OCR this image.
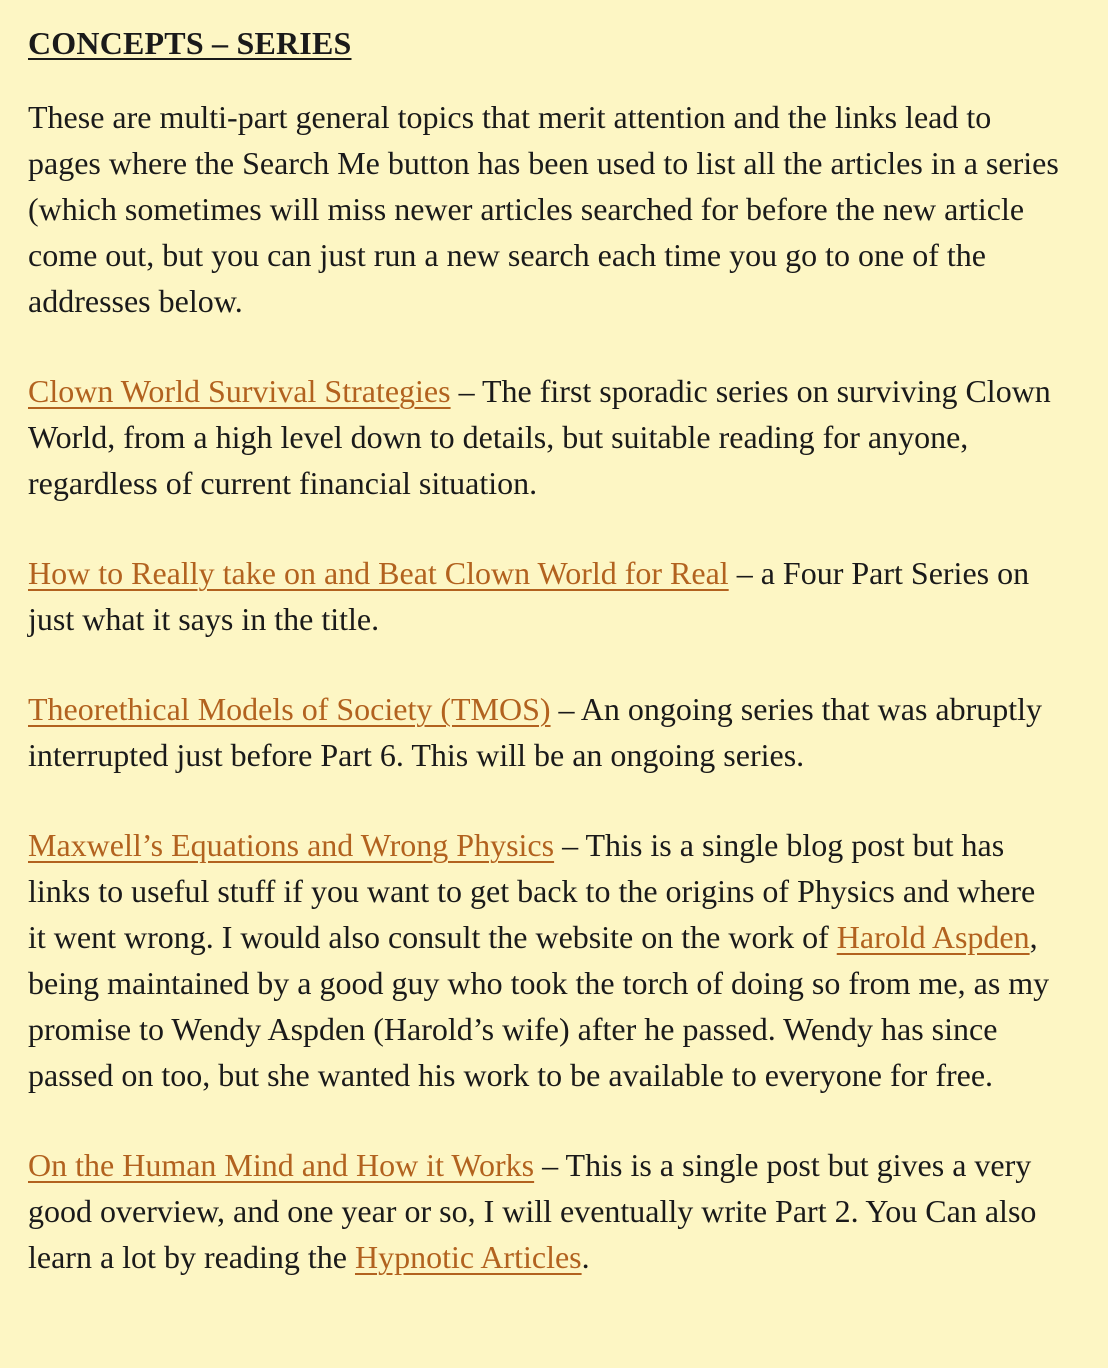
CONCEPTS – SERIES

These are multi-part general topics that merit attention and the links lead to pages where the Search Me button has been used to list all the articles in a series (which sometimes will miss newer articles searched for before the new article come out, but you can just run a new search each time you go to one of the addresses below.

Clown World Survival Strategies – The first sporadic series on surviving Clown World, from a high level down to details, but suitable reading for anyone, regardless of current financial situation.

How to Really take on and Beat Clown World for Real – a Four Part Series on just what it says in the title.

Theorethical Models of Society (TMOS) – An ongoing series that was abruptly interrupted just before Part 6. This will be an ongoing series.

Maxwell’s Equations and Wrong Physics – This is a single blog post but has links to useful stuff if you want to get back to the origins of Physics and where it went wrong. I would also consult the website on the work of Harold Aspden, being maintained by a good guy who took the torch of doing so from me, as my promise to Wendy Aspden (Harold’s wife) after he passed. Wendy has since passed on too, but she wanted his work to be available to everyone for free.

On the Human Mind and How it Works – This is a single post but gives a very good overview, and one year or so, I will eventually write Part 2. You Can also learn a lot by reading the Hypnotic Articles.
